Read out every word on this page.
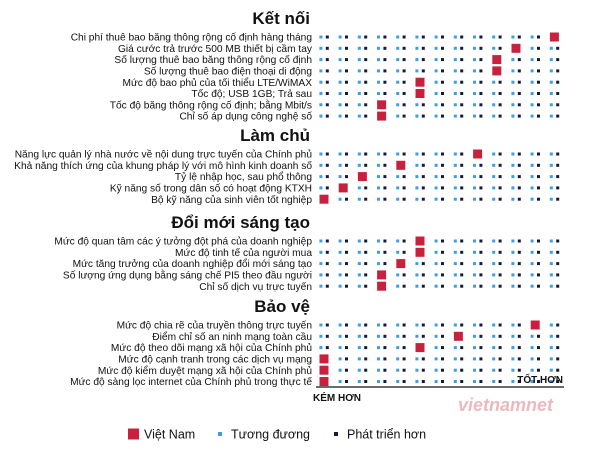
Kết nối
Chi phí thuê bao băng thông rộng cố định hàng tháng
Giá cước trả trước 500 MB thiết bị cầm tay
Số lượng thuê bao băng thông rộng cố định
Số lượng thuê bao điện thoại di động
Mức độ bao phủ của tối thiểu LTE/WiMAX
Tốc độ; USB 1GB; Trả sau
Tốc độ băng thông rộng cố định; bằng Mbit/s
Chỉ số áp dụng công nghệ số
Làm chủ
Năng lực quản lý nhà nước về nội dung trực tuyến của Chính phủ
Khả năng thích ứng của khung pháp lý với mô hình kinh doanh số
Tỷ lệ nhập học, sau phổ thông
Kỹ năng số trong dân số có hoạt động KTXH
Bộ kỹ năng của sinh viên tốt nghiệp
Đổi mới sáng tạo
Mức độ quan tâm các ý tưởng đột phá của doanh nghiệp
Mức độ tinh tế của người mua
Mức tăng trưởng của doanh nghiệp đổi mới sáng tạo
Số lượng ứng dụng bằng sáng chế PI5 theo đầu người
Chỉ số dịch vụ trực tuyến
Bảo vệ
Mức độ chia rẽ của truyền thông trực tuyến
Điểm chỉ số an ninh mạng toàn cầu
Mức độ theo dõi mạng xã hội của Chính phủ
Mức độ cạnh tranh trong các dịch vụ mạng
Mức độ kiểm duyệt mạng xã hội của Chính phủ
Mức độ sàng lọc internet của Chính phủ trong thực tế
KÉM HƠN
TỐT HƠN
vietnamnet
Việt Nam	Tương đương	Phát triển hơn
